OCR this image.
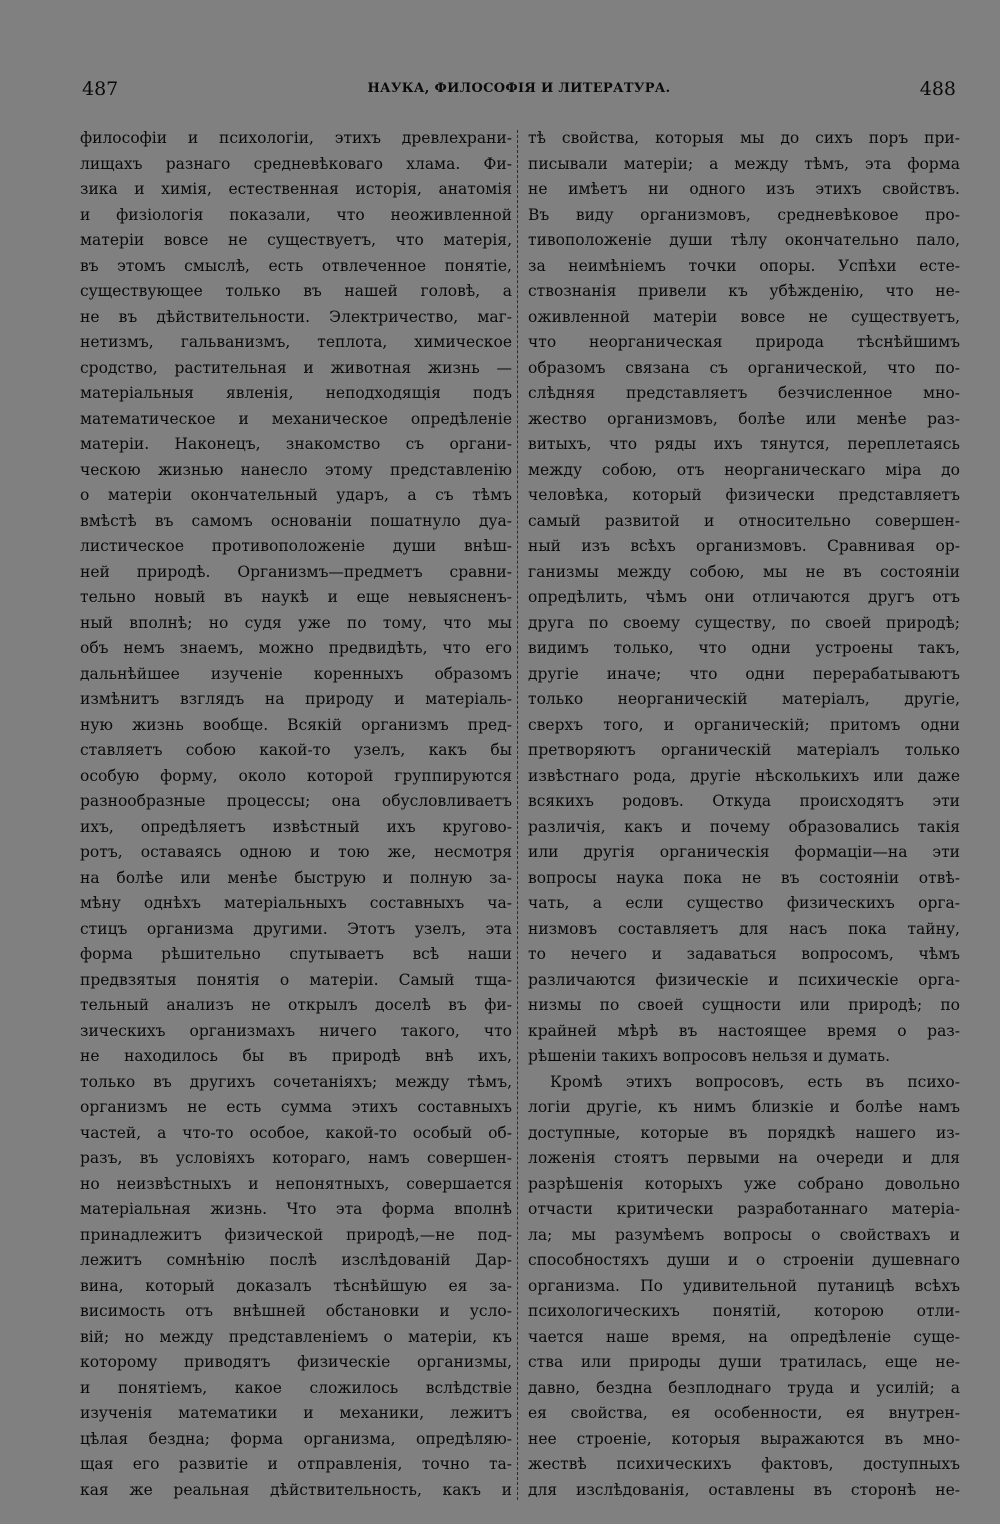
487	НАУКА, ФИЛОСОФІЯ И ЛИТЕРАТУРА.	488
философіи и психологіи, этихъ древлехрани-
лищахъ разнаго средневѣковаго хлама. Фи-
зика и химія, естественная исторія, анатомія
и физіологія показали, что неоживленной
матеріи вовсе не существуетъ, что матерія,
въ этомъ смыслѣ, есть отвлеченное понятіе,
существующее только въ нашей головѣ, а
не въ дѣйствительности. Электричество, маг-
нетизмъ, гальванизмъ, теплота, химическое
сродство, растительная и животная жизнь —
матеріальныя явленія, неподходящія подъ
математическое и механическое опредѣленіе
матеріи. Наконецъ, знакомство съ органи-
ческою жизнью нанесло этому представленію
о матеріи окончательный ударъ, а съ тѣмъ
вмѣстѣ въ самомъ основаніи пошатнуло дуа-
листическое противоположеніе души внѣш-
ней природѣ. Организмъ—предметъ сравни-
тельно новый въ наукѣ и еще невыясненъ-
ный вполнѣ; но судя уже по тому, что мы
объ немъ знаемъ, можно предвидѣть, что его
дальнѣйшее изученіе коренныхъ образомъ
измѣнитъ взглядъ на природу и матеріаль-
ную жизнь вообще. Всякій организмъ пред-
ставляетъ собою какой-то узелъ, какъ бы
особую форму, около которой группируются
разнообразные процессы; она обусловливаетъ
ихъ, опредѣляетъ извѣстный ихъ кругово-
ротъ, оставаясь одною и тою же, несмотря
на болѣе или менѣе быструю и полную за-
мѣну однѣхъ матеріальныхъ составныхъ ча-
стицъ организма другими. Этотъ узелъ, эта
форма рѣшительно спутываетъ всѣ наши
предвзятыя понятія о матеріи. Самый тща-
тельный анализъ не открылъ доселѣ въ фи-
зическихъ организмахъ ничего такого, что
не находилось бы въ природѣ внѣ ихъ,
только въ другихъ сочетаніяхъ; между тѣмъ,
организмъ не есть сумма этихъ составныхъ
частей, а что-то особое, какой-то особый об-
разъ, въ условіяхъ котораго, намъ совершен-
но неизвѣстныхъ и непонятныхъ, совершается
матеріальная жизнь. Что эта форма вполнѣ
принадлежитъ физической природѣ,—не под-
лежитъ сомнѣнію послѣ изслѣдованій Дар-
вина, который доказалъ тѣснѣйшую ея за-
висимость отъ внѣшней обстановки и усло-
вій; но между представленіемъ о матеріи, къ
которому приводятъ физическіе организмы,
и понятіемъ, какое сложилось вслѣдствіе
изученія математики и механики, лежитъ
цѣлая бездна; форма организма, опредѣляю-
щая его развитіе и отправленія, точно та-
кая же реальная дѣйствительность, какъ и
тѣ свойства, которыя мы до сихъ поръ при-
писывали матеріи; а между тѣмъ, эта форма
не имѣетъ ни одного изъ этихъ свойствъ.
Въ виду организмовъ, средневѣковое про-
тивоположеніе души тѣлу окончательно пало,
за неимѣніемъ точки опоры. Успѣхи есте-
ствознанія привели къ убѣжденію, что не-
оживленной матеріи вовсе не существуетъ,
что неорганическая природа тѣснѣйшимъ
образомъ связана съ органической, что по-
слѣдняя представляетъ безчисленное мно-
жество организмовъ, болѣе или менѣе раз-
витыхъ, что ряды ихъ тянутся, переплетаясь
между собою, отъ неорганическаго міра до
человѣка, который физически представляетъ
самый развитой и относительно совершен-
ный изъ всѣхъ организмовъ. Сравнивая ор-
ганизмы между собою, мы не въ состояніи
опредѣлить, чѣмъ они отличаются другъ отъ
друга по своему существу, по своей природѣ;
видимъ только, что одни устроены такъ,
другіе иначе; что одни перерабатываютъ
только неорганическій матеріалъ, другіе,
сверхъ того, и органическій; притомъ одни
претворяютъ органическій матеріалъ только
извѣстнаго рода, другіе нѣсколькихъ или даже
всякихъ родовъ. Откуда происходятъ эти
различія, какъ и почему образовались такія
или другія органическія формаціи—на эти
вопросы наука пока не въ состояніи отвѣ-
чать, а если существо физическихъ орга-
низмовъ составляетъ для насъ пока тайну,
то нечего и задаваться вопросомъ, чѣмъ
различаются физическіе и психическіе орга-
низмы по своей сущности или природѣ; по
крайней мѣрѣ въ настоящее время о раз-
рѣшеніи такихъ вопросовъ нельзя и думать.
Кромѣ этихъ вопросовъ, есть въ психо-
логіи другіе, къ нимъ близкіе и болѣе намъ
доступные, которые въ порядкѣ нашего из-
ложенія стоятъ первыми на очереди и для
разрѣшенія которыхъ уже собрано довольно
отчасти критически разработаннаго матеріа-
ла; мы разумѣемъ вопросы о свойствахъ и
способностяхъ души и о строеніи душевнаго
организма. По удивительной путаницѣ всѣхъ
психологическихъ понятій, которою отли-
чается наше время, на опредѣленіе суще-
ства или природы души тратилась, еще не-
давно, бездна безплоднаго труда и усилій; а
ея свойства, ея особенности, ея внутрен-
нее строеніе, которыя выражаются въ мно-
жествѣ психическихъ фактовъ, доступныхъ
для изслѣдованія, оставлены въ сторонѣ не-
